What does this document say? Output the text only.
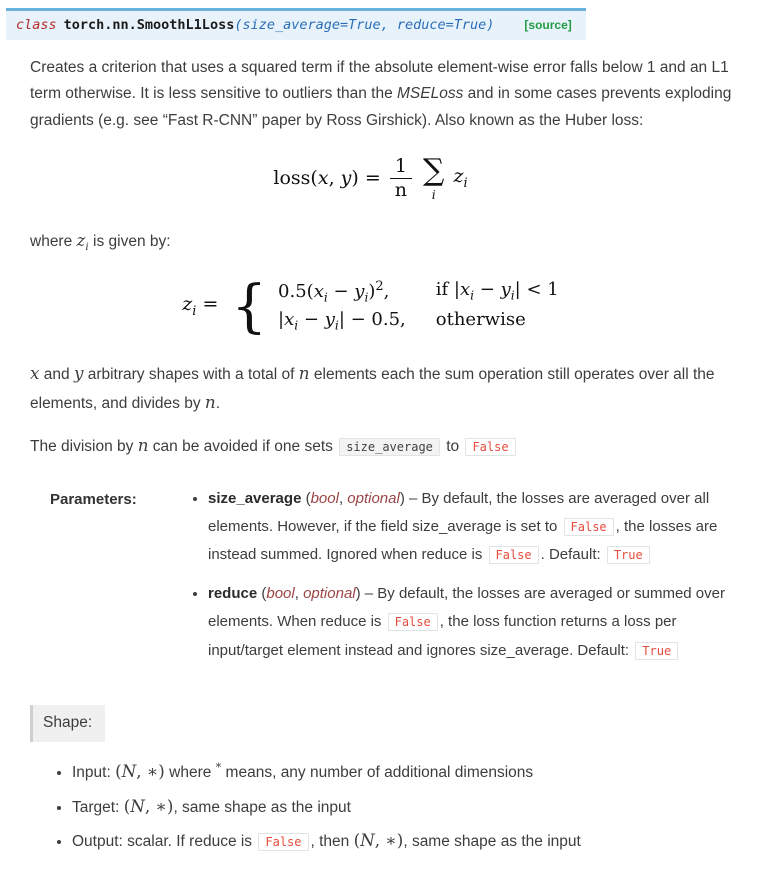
class torch.nn.SmoothL1Loss(size_average=True, reduce=True)	[source]

Creates a criterion that uses a squared term if the absolute element-wise error falls below 1 and an L1 term otherwise. It is less sensitive to outliers than the MSELoss and in some cases prevents exploding gradients (e.g. see “Fast R-CNN” paper by Ross Girshick). Also known as the Huber loss:

loss(x, $y) = \frac{1}{n}$ ∑
i
$z_i$

where $z_i$ is given by:

$z_i$ = { $0.5(x_i - y_i)^2$,	if $|x_i - y_i| < 1$
$|x_i - y_i| - 0.5$, otherwise

x and y arbitrary shapes with a total of n elements each the sum operation still operates over all the elements, and divides by n.

The division by n can be avoided if one sets size_average to False

Parameters:	• size_average (bool, optional) – By default, the losses are averaged over all elements. However, if the field size_average is set to False , the losses are instead summed. Ignored when reduce is False . Default: True
• reduce (bool, optional) – By default, the losses are averaged or summed over elements. When reduce is False , the loss function returns a loss per input/target element instead and ignores size_average. Default: True
Shape:
• Input: (N, ∗) where * means, any number of additional dimensions
• Target: (N, ∗), same shape as the input
• Output: scalar. If reduce is False , then (N, ∗), same shape as the input
